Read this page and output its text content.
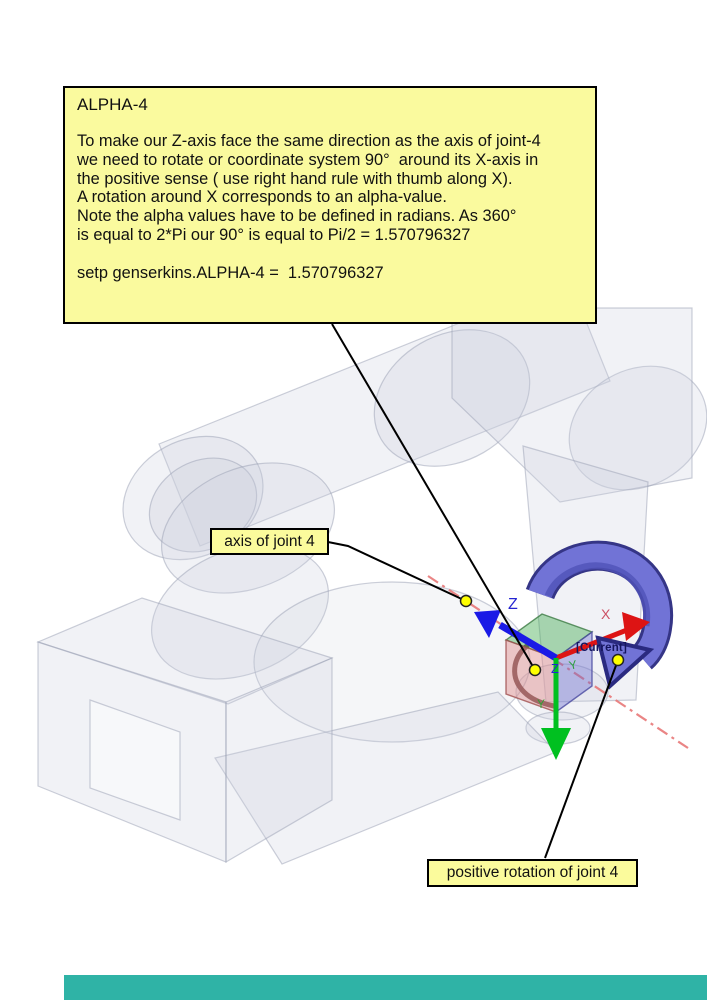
ALPHA-4
To make our Z-axis face the same direction as the axis of joint-4
we need to rotate or coordinate system 90°  around its X-axis in
the positive sense ( use right hand rule with thumb along X).
A rotation around X corresponds to an alpha-value.
Note the alpha values have to be defined in radians. As 360°
is equal to 2*Pi our 90° is equal to Pi/2 = 1.570796327
setp genserkins.ALPHA-4 =  1.570796327
axis of joint 4
positive rotation of joint 4
Z
X
Z Y
Y
[Current]
